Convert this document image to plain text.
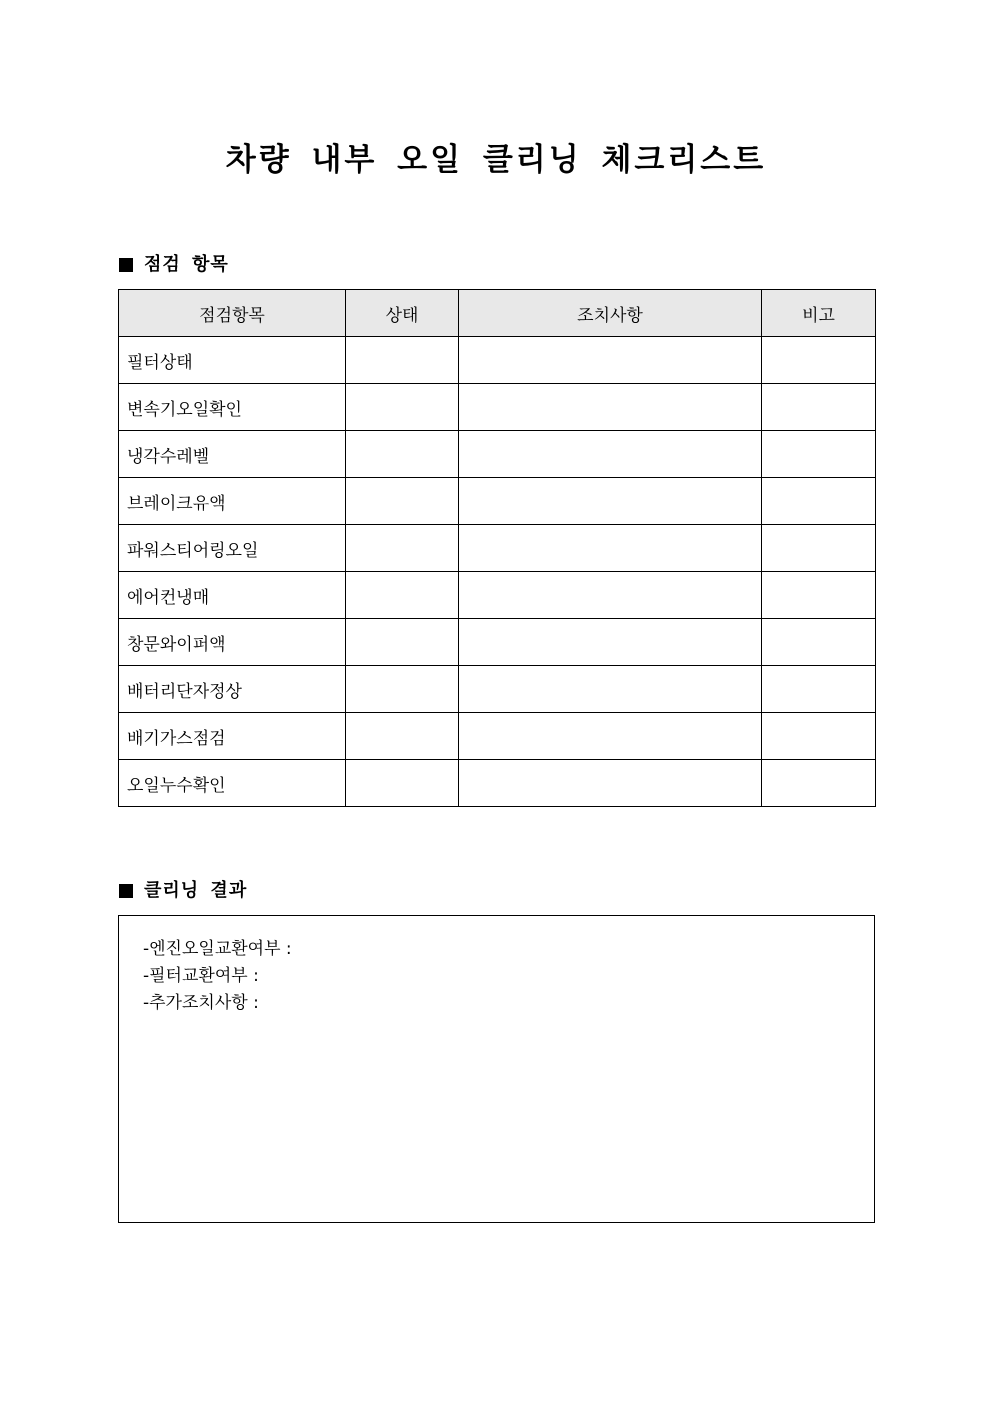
차량 내부 오일 클리닝 체크리스트
점검 항목
점검항목	상태	조치사항	비고
필터상태			
변속기오일확인			
냉각수레벨			
브레이크유액			
파워스티어링오일			
에어컨냉매			
창문와이퍼액			
배터리단자정상			
배기가스점검			
오일누수확인			
클리닝 결과
-엔진오일교환여부 :
-필터교환여부 :
-추가조치사항 :
